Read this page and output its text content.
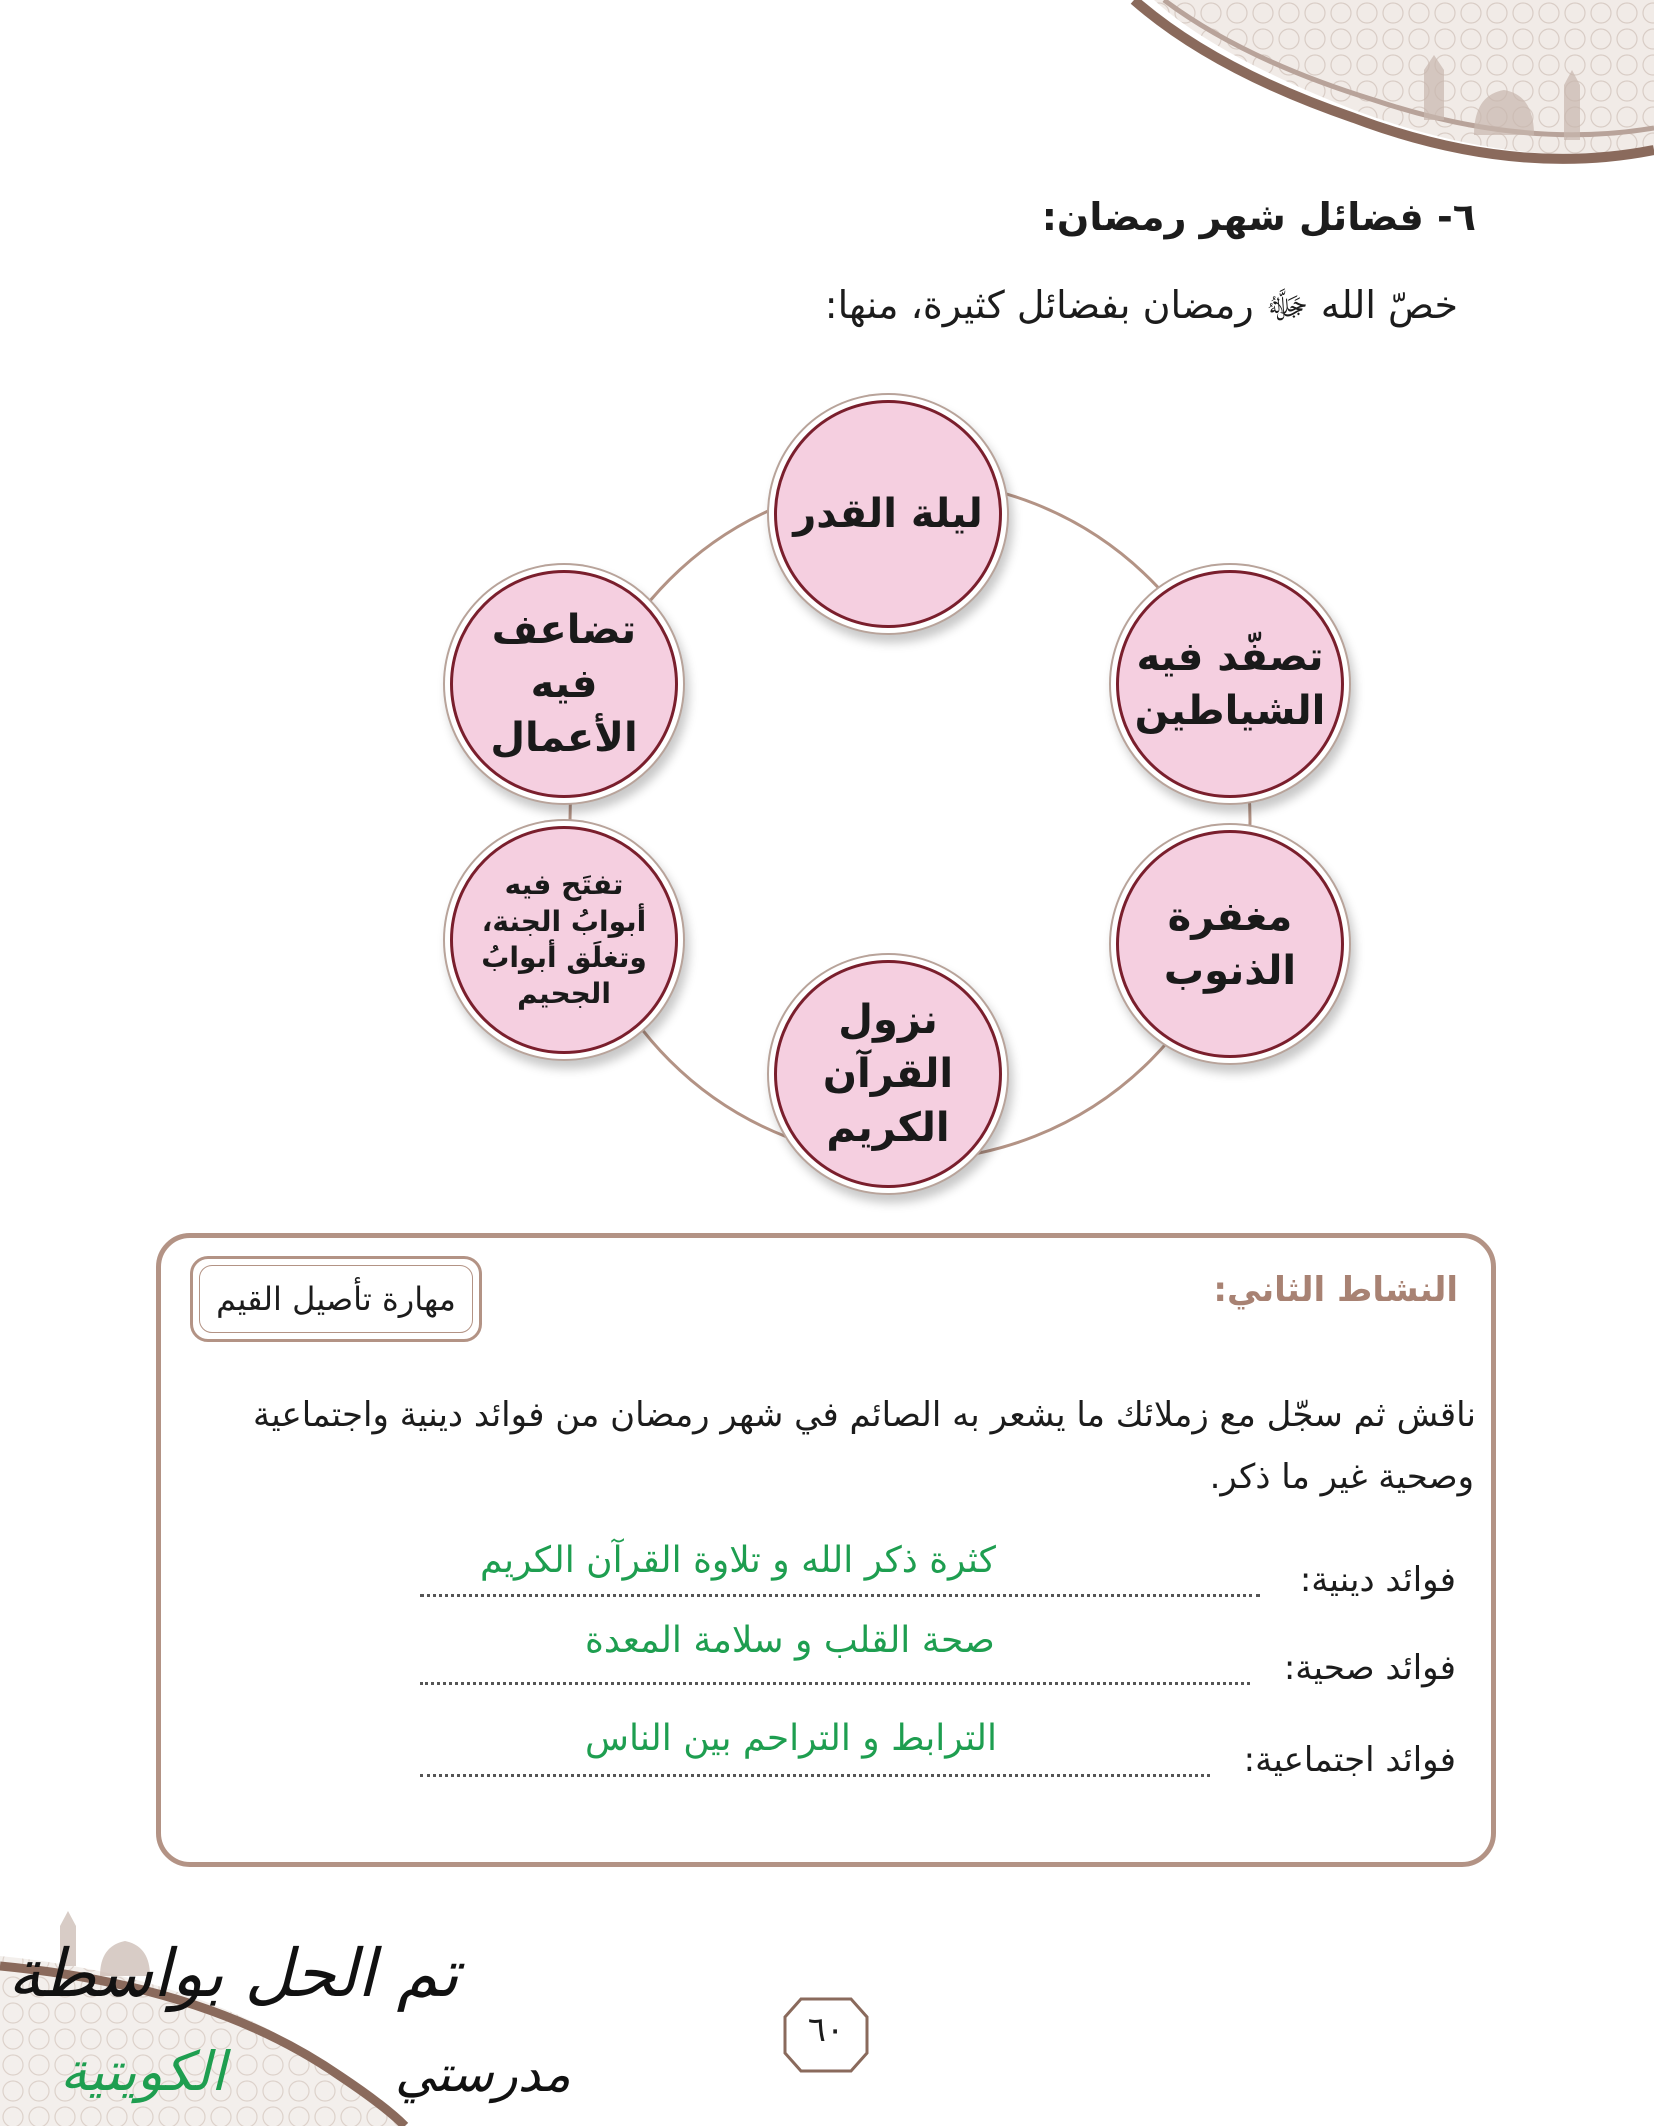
٦- فضائل شهر رمضان:
خصّ الله ﷻ رمضان بفضائل كثيرة، منها:
ليلة القدر
تصفّد فيه الشياطين
مغفرة الذنوب
نزول القرآن الكريم
تفتَح فيه أبوابُ الجنة، وتغلَق أبوابُ الجحيم
تضاعف فيه الأعمال
النشاط الثاني:
مهارة تأصيل القيم
ناقش ثم سجّل مع زملائك ما يشعر به الصائم في شهر رمضان من فوائد دينية واجتماعية
وصحية غير ما ذكر.
كثرة ذكر الله و تلاوة القرآن الكريم	فوائد دينية:
صحة القلب و سلامة المعدة
فوائد صحية:
الترابط و التراحم بين الناس
فوائد اجتماعية:
٦٠
تم الحل بواسطة
الكويتية	مدرستي
